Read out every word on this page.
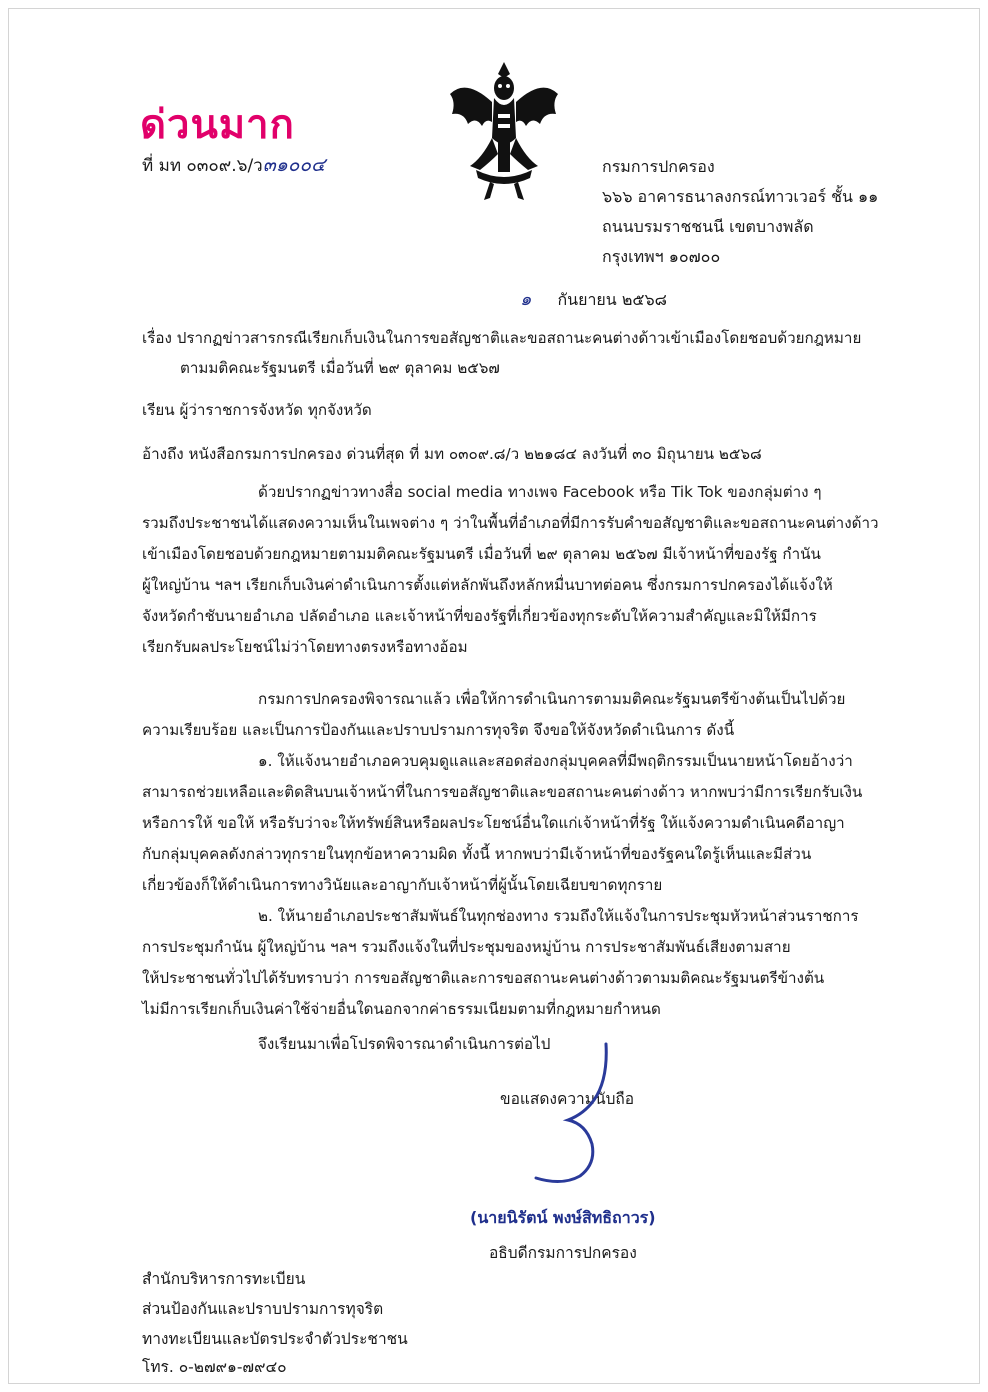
ด่วนมาก
ที่ มท ๐๓๐๙.๖/ว๓๑๐๐๔	กรมการปกครอง
๖๖๖ อาคารธนาลงกรณ์ทาวเวอร์ ชั้น ๑๑
ถนนบรมราชชนนี เขตบางพลัด
กรุงเทพฯ ๑๐๗๐๐
๑ กันยายน ๒๕๖๘
เรื่อง ปรากฏข่าวสารกรณีเรียกเก็บเงินในการขอสัญชาติและขอสถานะคนต่างด้าวเข้าเมืองโดยชอบด้วยกฎหมาย
ตามมติคณะรัฐมนตรี เมื่อวันที่ ๒๙ ตุลาคม ๒๕๖๗
เรียน ผู้ว่าราชการจังหวัด ทุกจังหวัด
อ้างถึง หนังสือกรมการปกครอง ด่วนที่สุด ที่ มท ๐๓๐๙.๘/ว ๒๒๑๘๔ ลงวันที่ ๓๐ มิถุนายน ๒๕๖๘
ด้วยปรากฏข่าวทางสื่อ social media ทางเพจ Facebook หรือ Tik Tok ของกลุ่มต่าง ๆ
รวมถึงประชาชนได้แสดงความเห็นในเพจต่าง ๆ ว่าในพื้นที่อำเภอที่มีการรับคำขอสัญชาติและขอสถานะคนต่างด้าว
เข้าเมืองโดยชอบด้วยกฎหมายตามมติคณะรัฐมนตรี เมื่อวันที่ ๒๙ ตุลาคม ๒๕๖๗ มีเจ้าหน้าที่ของรัฐ กำนัน
ผู้ใหญ่บ้าน ฯลฯ เรียกเก็บเงินค่าดำเนินการตั้งแต่หลักพันถึงหลักหมื่นบาทต่อคน ซึ่งกรมการปกครองได้แจ้งให้
จังหวัดกำชับนายอำเภอ ปลัดอำเภอ และเจ้าหน้าที่ของรัฐที่เกี่ยวข้องทุกระดับให้ความสำคัญและมิให้มีการ
เรียกรับผลประโยชน์ไม่ว่าโดยทางตรงหรือทางอ้อม
กรมการปกครองพิจารณาแล้ว เพื่อให้การดำเนินการตามมติคณะรัฐมนตรีข้างต้นเป็นไปด้วย
ความเรียบร้อย และเป็นการป้องกันและปราบปรามการทุจริต จึงขอให้จังหวัดดำเนินการ ดังนี้
๑. ให้แจ้งนายอำเภอควบคุมดูแลและสอดส่องกลุ่มบุคคลที่มีพฤติกรรมเป็นนายหน้าโดยอ้างว่า
สามารถช่วยเหลือและติดสินบนเจ้าหน้าที่ในการขอสัญชาติและขอสถานะคนต่างด้าว หากพบว่ามีการเรียกรับเงิน
หรือการให้ ขอให้ หรือรับว่าจะให้ทรัพย์สินหรือผลประโยชน์อื่นใดแก่เจ้าหน้าที่รัฐ ให้แจ้งความดำเนินคดีอาญา
กับกลุ่มบุคคลดังกล่าวทุกรายในทุกข้อหาความผิด ทั้งนี้ หากพบว่ามีเจ้าหน้าที่ของรัฐคนใดรู้เห็นและมีส่วน
เกี่ยวข้องก็ให้ดำเนินการทางวินัยและอาญากับเจ้าหน้าที่ผู้นั้นโดยเฉียบขาดทุกราย
๒. ให้นายอำเภอประชาสัมพันธ์ในทุกช่องทาง รวมถึงให้แจ้งในการประชุมหัวหน้าส่วนราชการ
การประชุมกำนัน ผู้ใหญ่บ้าน ฯลฯ รวมถึงแจ้งในที่ประชุมของหมู่บ้าน การประชาสัมพันธ์เสียงตามสาย
ให้ประชาชนทั่วไปได้รับทราบว่า การขอสัญชาติและการขอสถานะคนต่างด้าวตามมติคณะรัฐมนตรีข้างต้น
ไม่มีการเรียกเก็บเงินค่าใช้จ่ายอื่นใดนอกจากค่าธรรมเนียมตามที่กฎหมายกำหนด
จึงเรียนมาเพื่อโปรดพิจารณาดำเนินการต่อไป
ขอแสดงความนับถือ
(นายนิรัตน์ พงษ์สิทธิถาวร)
อธิบดีกรมการปกครอง
สำนักบริหารการทะเบียน
ส่วนป้องกันและปราบปรามการทุจริต
ทางทะเบียนและบัตรประจำตัวประชาชน
โทร. ๐-๒๗๙๑-๗๙๔๐
